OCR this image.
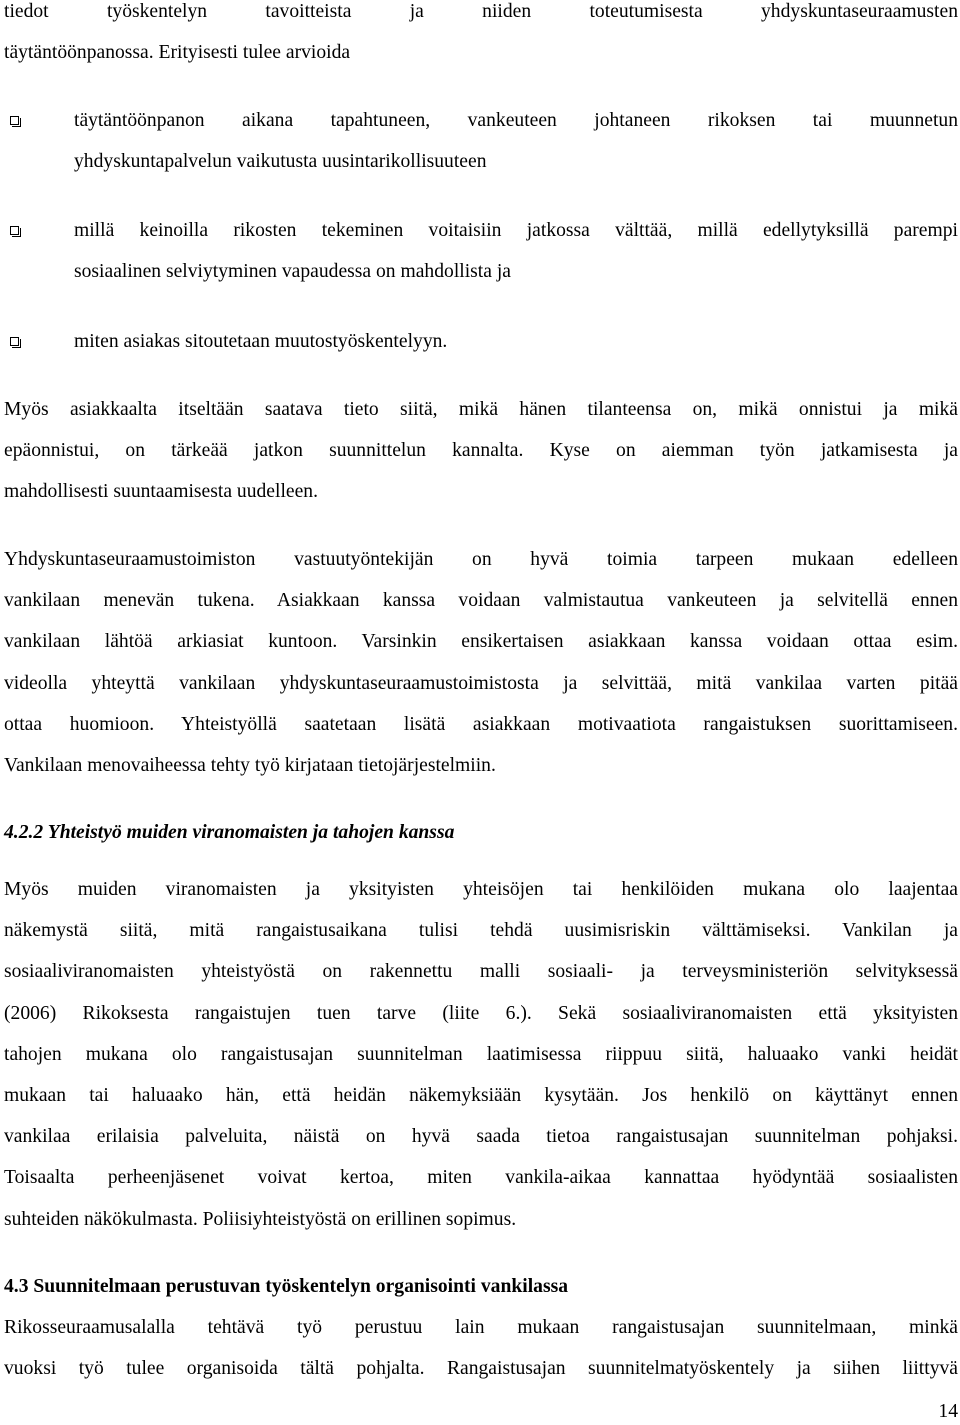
tiedot työskentelyn tavoitteista ja niiden toteutumisesta yhdyskuntaseuraamusten
täytäntöönpanossa. Erityisesti tulee arvioida
täytäntöönpanon aikana tapahtuneen, vankeuteen johtaneen rikoksen tai muunnetun
yhdyskuntapalvelun vaikutusta uusintarikollisuuteen
millä keinoilla rikosten tekeminen voitaisiin jatkossa välttää, millä edellytyksillä parempi
sosiaalinen selviytyminen vapaudessa on mahdollista ja
miten asiakas sitoutetaan muutostyöskentelyyn.
Myös asiakkaalta itseltään saatava tieto siitä, mikä hänen tilanteensa on, mikä onnistui ja mikä
epäonnistui, on tärkeää jatkon suunnittelun kannalta. Kyse on aiemman työn jatkamisesta ja
mahdollisesti suuntaamisesta uudelleen.
Yhdyskuntaseuraamustoimiston vastuutyöntekijän on hyvä toimia tarpeen mukaan edelleen
vankilaan menevän tukena. Asiakkaan kanssa voidaan valmistautua vankeuteen ja selvitellä ennen
vankilaan lähtöä arkiasiat kuntoon. Varsinkin ensikertaisen asiakkaan kanssa voidaan ottaa esim.
videolla yhteyttä vankilaan yhdyskuntaseuraamustoimistosta ja selvittää, mitä vankilaa varten pitää
ottaa huomioon. Yhteistyöllä saatetaan lisätä asiakkaan motivaatiota rangaistuksen suorittamiseen.
Vankilaan menovaiheessa tehty työ kirjataan tietojärjestelmiin.
4.2.2 Yhteistyö muiden viranomaisten ja tahojen kanssa
Myös muiden viranomaisten ja yksityisten yhteisöjen tai henkilöiden mukana olo laajentaa
näkemystä siitä, mitä rangaistusaikana tulisi tehdä uusimisriskin välttämiseksi. Vankilan ja
sosiaaliviranomaisten yhteistyöstä on rakennettu malli sosiaali- ja terveysministeriön selvityksessä
(2006) Rikoksesta rangaistujen tuen tarve (liite 6.). Sekä sosiaaliviranomaisten että yksityisten
tahojen mukana olo rangaistusajan suunnitelman laatimisessa riippuu siitä, haluaako vanki heidät
mukaan tai haluaako hän, että heidän näkemyksiään kysytään. Jos henkilö on käyttänyt ennen
vankilaa erilaisia palveluita, näistä on hyvä saada tietoa rangaistusajan suunnitelman pohjaksi.
Toisaalta perheenjäsenet voivat kertoa, miten vankila-aikaa kannattaa hyödyntää sosiaalisten
suhteiden näkökulmasta. Poliisiyhteistyöstä on erillinen sopimus.
4.3 Suunnitelmaan perustuvan työskentelyn organisointi vankilassa
Rikosseuraamusalalla tehtävä työ perustuu lain mukaan rangaistusajan suunnitelmaan, minkä
vuoksi työ tulee organisoida tältä pohjalta. Rangaistusajan suunnitelmatyöskentely ja siihen liittyvä
14
